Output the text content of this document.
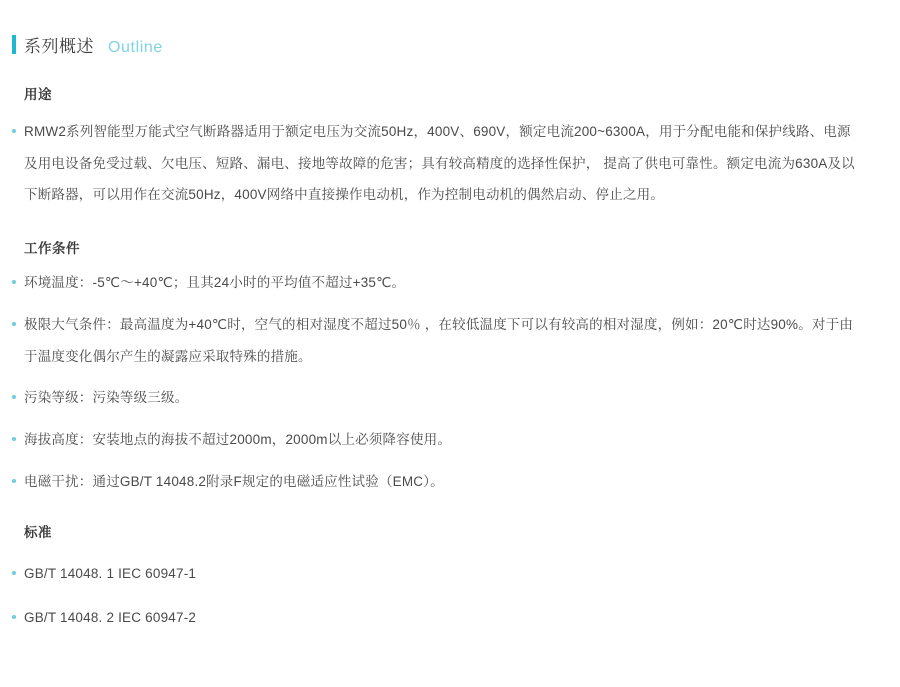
系列概述 Outline
用途
RMW2系列智能型万能式空气断路器适用于额定电压为交流50Hz，400V、690V，额定电流200~6300A，用于分配电能和保护线路、电源及用电设备免受过载、欠电压、短路、漏电、接地等故障的危害；具有较高精度的选择性保护， 提高了供电可靠性。额定电流为630A及以下断路器，可以用作在交流50Hz，400V网络中直接操作电动机，作为控制电动机的偶然启动、停止之用。
工作条件
环境温度：-5℃～+40℃；且其24小时的平均值不超过+35℃。
极限大气条件：最高温度为+40℃时，空气的相对湿度不超过50％ ，在较低温度下可以有较高的相对湿度，例如：20℃时达90%。对于由于温度变化偶尔产生的凝露应采取特殊的措施。
污染等级：污染等级三级。
海拔高度：安装地点的海拔不超过2000m，2000m以上必须降容使用。
电磁干扰：通过GB/T 14048.2附录F规定的电磁适应性试验（EMC）。
标准
GB/T 14048. 1 IEC 60947-1
GB/T 14048. 2 IEC 60947-2
